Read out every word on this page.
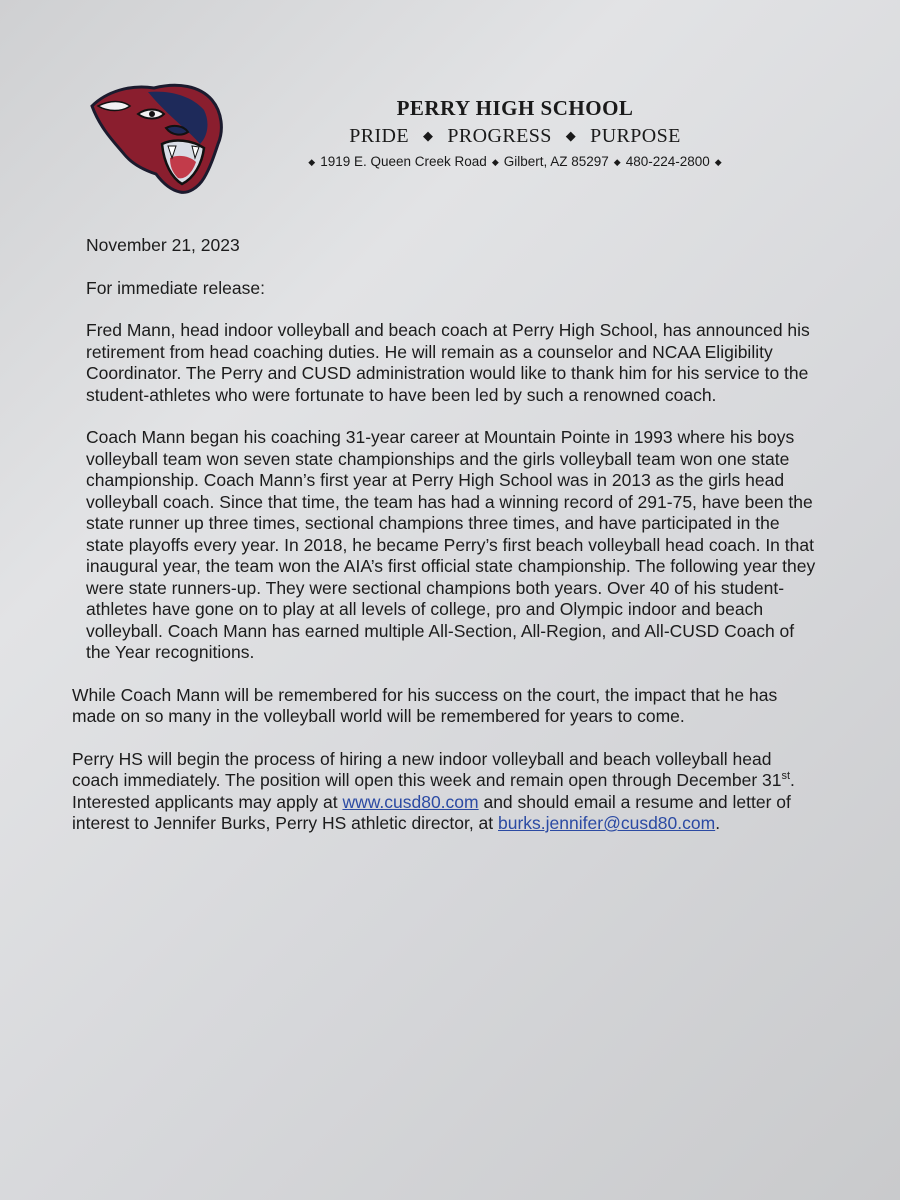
PERRY HIGH SCHOOL
PRIDE ◆ PROGRESS ◆ PURPOSE
◆ 1919 E. Queen Creek Road ◆ Gilbert, AZ 85297 ◆ 480-224-2800 ◆

November 21, 2023

For immediate release:

Fred Mann, head indoor volleyball and beach coach at Perry High School, has announced his retirement from head coaching duties. He will remain as a counselor and NCAA Eligibility Coordinator. The Perry and CUSD administration would like to thank him for his service to the student-athletes who were fortunate to have been led by such a renowned coach.

Coach Mann began his coaching 31-year career at Mountain Pointe in 1993 where his boys volleyball team won seven state championships and the girls volleyball team won one state championship. Coach Mann’s first year at Perry High School was in 2013 as the girls head volleyball coach. Since that time, the team has had a winning record of 291-75, have been the state runner up three times, sectional champions three times, and have participated in the state playoffs every year. In 2018, he became Perry’s first beach volleyball head coach. In that inaugural year, the team won the AIA’s first official state championship. The following year they were state runners-up. They were sectional champions both years. Over 40 of his student-athletes have gone on to play at all levels of college, pro and Olympic indoor and beach volleyball. Coach Mann has earned multiple All-Section, All-Region, and All-CUSD Coach of the Year recognitions.

While Coach Mann will be remembered for his success on the court, the impact that he has made on so many in the volleyball world will be remembered for years to come.

Perry HS will begin the process of hiring a new indoor volleyball and beach volleyball head coach immediately. The position will open this week and remain open through December 31st. Interested applicants may apply at www.cusd80.com and should email a resume and letter of interest to Jennifer Burks, Perry HS athletic director, at burks.jennifer@cusd80.com.
